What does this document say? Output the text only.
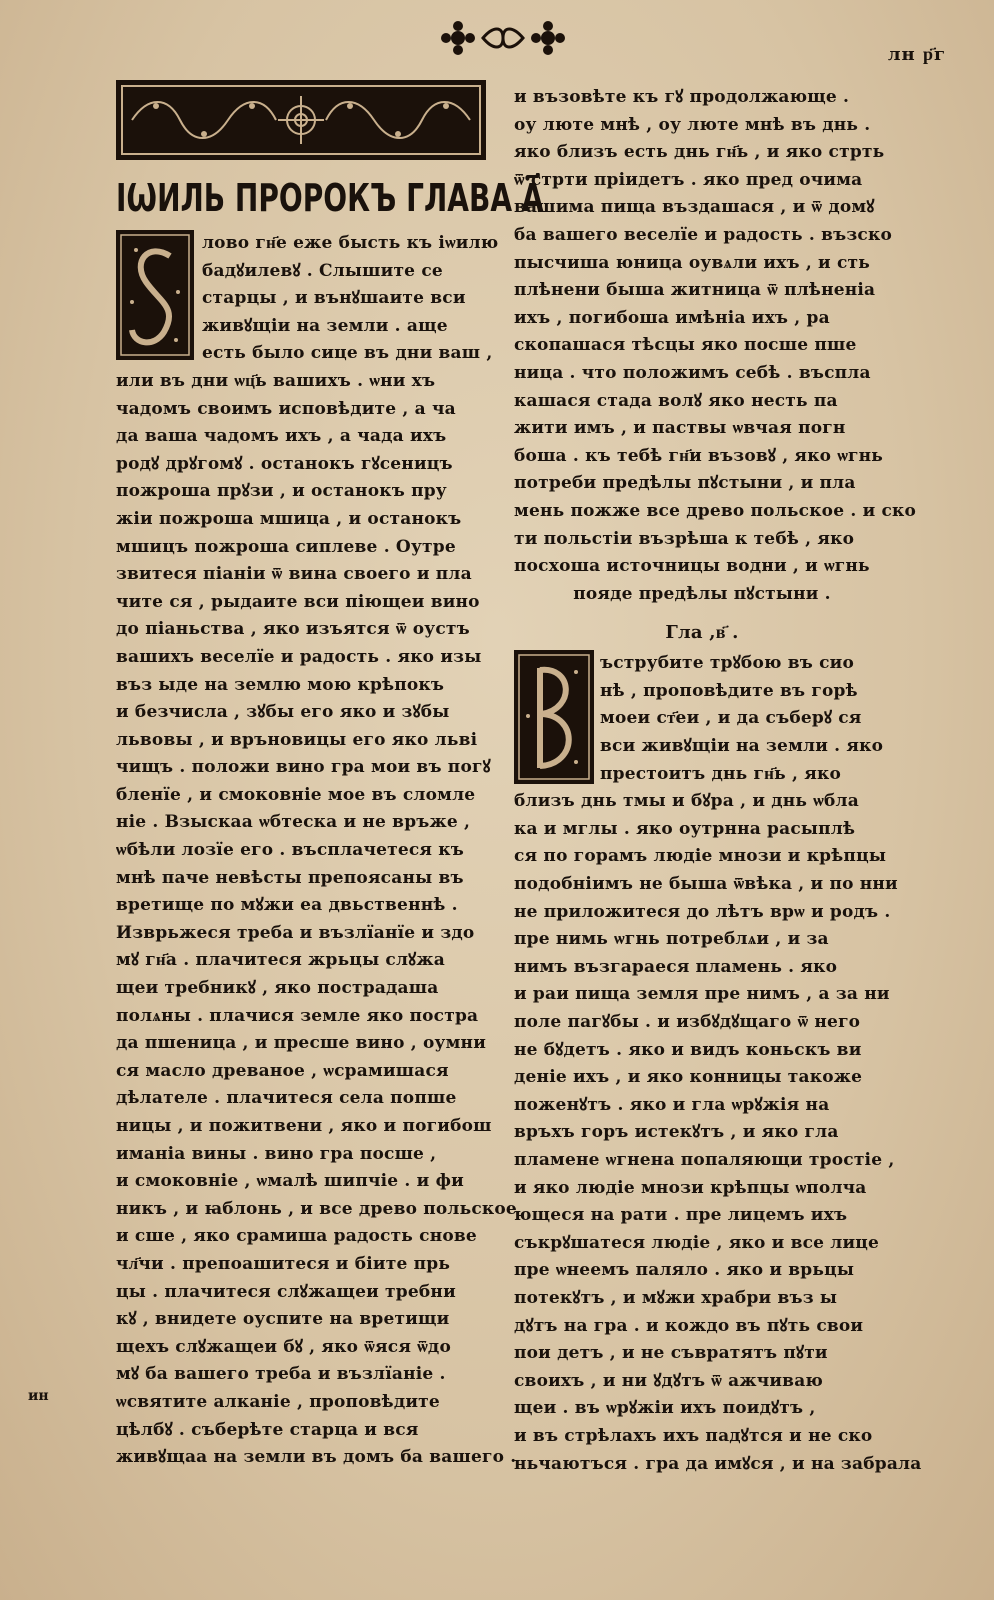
лн р҃г
ІѠИЛЬ ПРОРОКЪ ГЛАВА А҃
лово гн҃е еже бысть къ іѡилю
бадꙋилевꙋ . Слышите се
старцы , и вънꙋшаите вси
живꙋщіи на земли . аще
есть было сице въ дни ваш ,
или въ дни ѡц҃ь вашихъ . ѡни хъ
чадомъ своимъ исповѣдите , а ча
да ваша чадомъ ихъ , а чада ихъ
родꙋ дрꙋгомꙋ . останокъ гꙋсеницъ
пожроша прꙋзи , и останокъ пру
жіи пожроша мшица , и останокъ
мшицъ пожроша сиплеве . Оутре
звитеся пiанiи ѿ вина своего и пла
чите ся , рыдаите вси пiющеи вино
до піаньства , яко изъятся ѿ оустъ
вашихъ веселїе и радость . яко изы
въз ыде на землю мою крѣпокъ
и безчисла , зꙋбы его яко и зꙋбы
львовы , и връновицы его яко львi
чищъ . положи вино гра мои въ погꙋ
бленїе , и смоковнiе мое въ сломле
нiе . Взыскаа ѡбтеска и не връже ,
ѡбѣли лозїе его . въсплачетеся къ
мнѣ паче невѣсты препоясаны въ
вретище по мꙋжи еа двьственнѣ .
Изврьжеся треба и възлїанїе и здо
мꙋ гн҃а . плачитеся жрьцы слꙋжа
щеи требникꙋ , яко пострадаша
полѧны . плачися земле яко постра
да пшеница , и пресше вино , оумни
ся масло древаное , ѡсрамишася
дѣлателе . плачитеся села попше
ницы , и пожитвени , яко и погибош
иманiа вины . вино гра посше ,
и смоковнiе , ѡмалѣ шипчiе . и фи
никъ , и ꙗблонь , и все древо польское
и сше , яко срамиша радость снове
чл҃чи . препоашитеся и бiите прь
цы . плачитеся слꙋжащеи требни
кꙋ , внидете оуспите на вретищи
щехъ слꙋжащеи бꙋ , яко ѿяся ѿдо
мꙋ ба вашего треба и възлїанiе .
ѡсвятите алканiе , проповѣдите
цѣлбꙋ . събеpѣте старца и вся
живꙋщаа на земли въ домъ ба вашего .
и възовѣте къ гꙋ продолжающе .
оу люте мнѣ , оу люте мнѣ въ днь .
яко близъ есть днь гн҃ь , и яко стрть
ѿ стрти прiидетъ . яко пред очима
вашима пища въздашася , и ѿ домꙋ
ба вашего веселїе и радость . възско
пысчиша юница оувѧли ихъ , и сть
плѣнени быша житница ѿ плѣненiа
ихъ , погибоша имѣнiа ихъ , ра
скопашася тѣсцы яко посше пше
ница . что положимъ себѣ . въспла
кашася стада волꙋ яко несть па
жити имъ , и паствы ѡвчая погн
боша . къ тебѣ гн҃и възовꙋ , яко ѡгнь
потреби предѣлы пꙋстыни , и пла
мень пожже все древо польское . и ско
ти польстiи възрѣша к тебѣ , яко
посхоша источницы водни , и ѡгнь
пояде предѣлы пꙋстыни .
Гла ,в҃ .
ъструбите трꙋбою въ сио
нѣ , проповѣдите въ горѣ
моеи ст҃еи , и да съберꙋ ся
вси живꙋщiи на земли . яко
престоитъ днь гн҃ь , яко
близъ днь тмы и бꙋра , и днь ѡбла
ка и мглы . яко оутрнна расыплѣ
ся по горамъ людiе мнози и крѣпцы
подобнiимъ не быша ѿвѣка , и по нни
не приложитеся до лѣтъ врѡ и родъ .
пре нимь ѡгнь потреблѧи , и за
нимъ възгараеся пламень . яко
и раи пища земля пре нимъ , а за ни
поле пагꙋбы . и избꙋдꙋщаго ѿ него
не бꙋдетъ . яко и видъ коньскъ ви
денiе ихъ , и яко конницы такоже
поженꙋтъ . яко и гла ѡрꙋжiя на
връхъ горъ истекꙋтъ , и яко гла
пламене ѡгнена попаляющи тростiе ,
и яко людiе мнози крѣпцы ѡполча
ющеся на рати . пре лицемъ ихъ
съкрꙋшатеся людiе , яко и все лице
пре ѡнеемъ паляло . яко и врьцы
потекꙋтъ , и мꙋжи храбри въз ы
дꙋтъ на гра . и кождо въ пꙋть свои
пои детъ , и не съвратятъ пꙋти
своихъ , и ни ꙋдꙋтъ ѿ ажчиваю
щеи . въ ѡрꙋжiи ихъ поидꙋтъ ,
и въ стрѣлахъ ихъ падꙋтся и не ско
ньчаютъся . гра да имꙋся , и на забрала
ин
